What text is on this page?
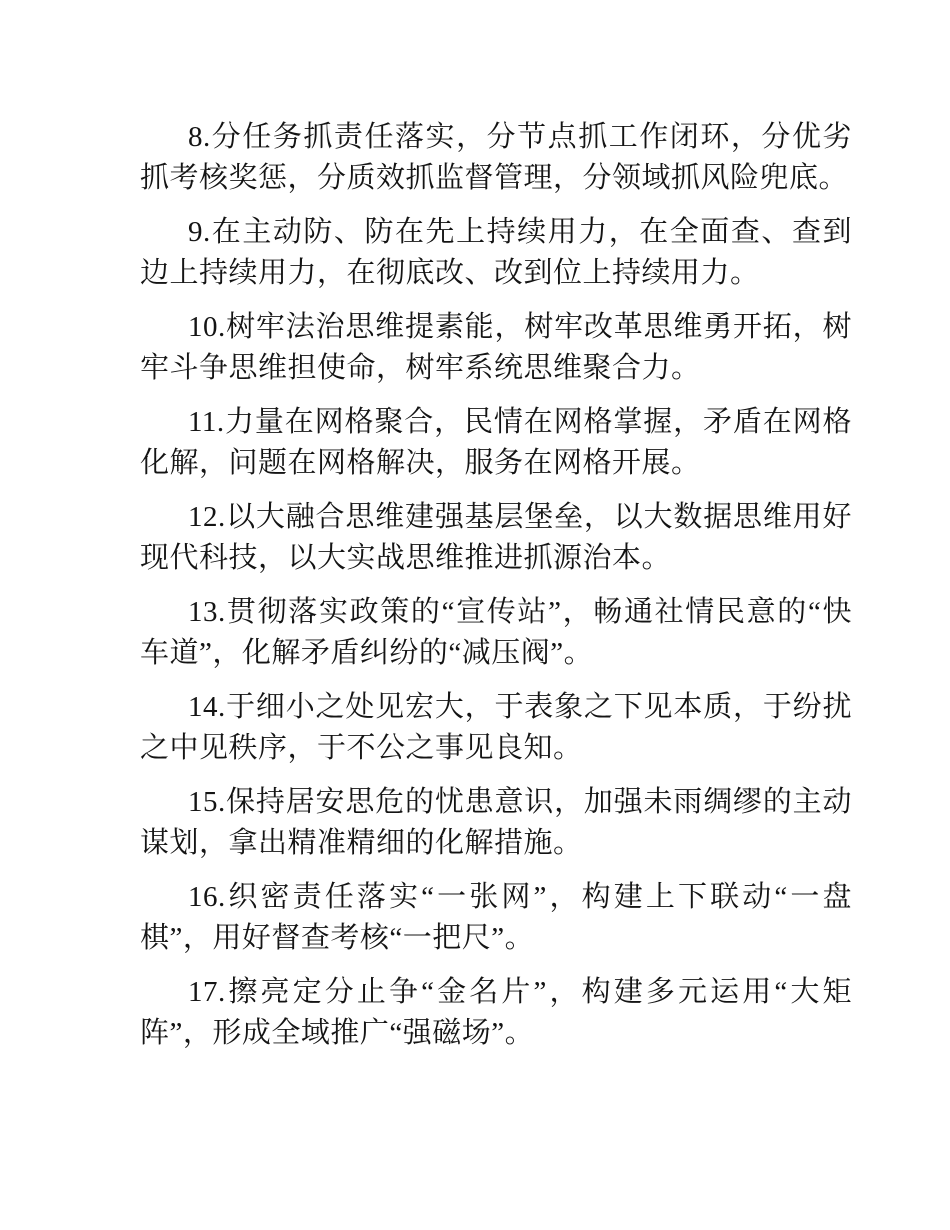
8.分任务抓责任落实，分节点抓工作闭环，分优劣抓考核奖惩，分质效抓监督管理，分领域抓风险兜底。

9.在主动防、防在先上持续用力，在全面查、查到边上持续用力，在彻底改、改到位上持续用力。

10.树牢法治思维提素能，树牢改革思维勇开拓，树牢斗争思维担使命，树牢系统思维聚合力。

11.力量在网格聚合，民情在网格掌握，矛盾在网格化解，问题在网格解决，服务在网格开展。

12.以大融合思维建强基层堡垒，以大数据思维用好现代科技，以大实战思维推进抓源治本。

13.贯彻落实政策的“宣传站”，畅通社情民意的“快车道”，化解矛盾纠纷的“减压阀”。

14.于细小之处见宏大，于表象之下见本质，于纷扰之中见秩序，于不公之事见良知。

15.保持居安思危的忧患意识，加强未雨绸缪的主动谋划，拿出精准精细的化解措施。

16.织密责任落实“一张网”，构建上下联动“一盘棋”，用好督查考核“一把尺”。

17.擦亮定分止争“金名片”，构建多元运用“大矩阵”，形成全域推广“强磁场”。
